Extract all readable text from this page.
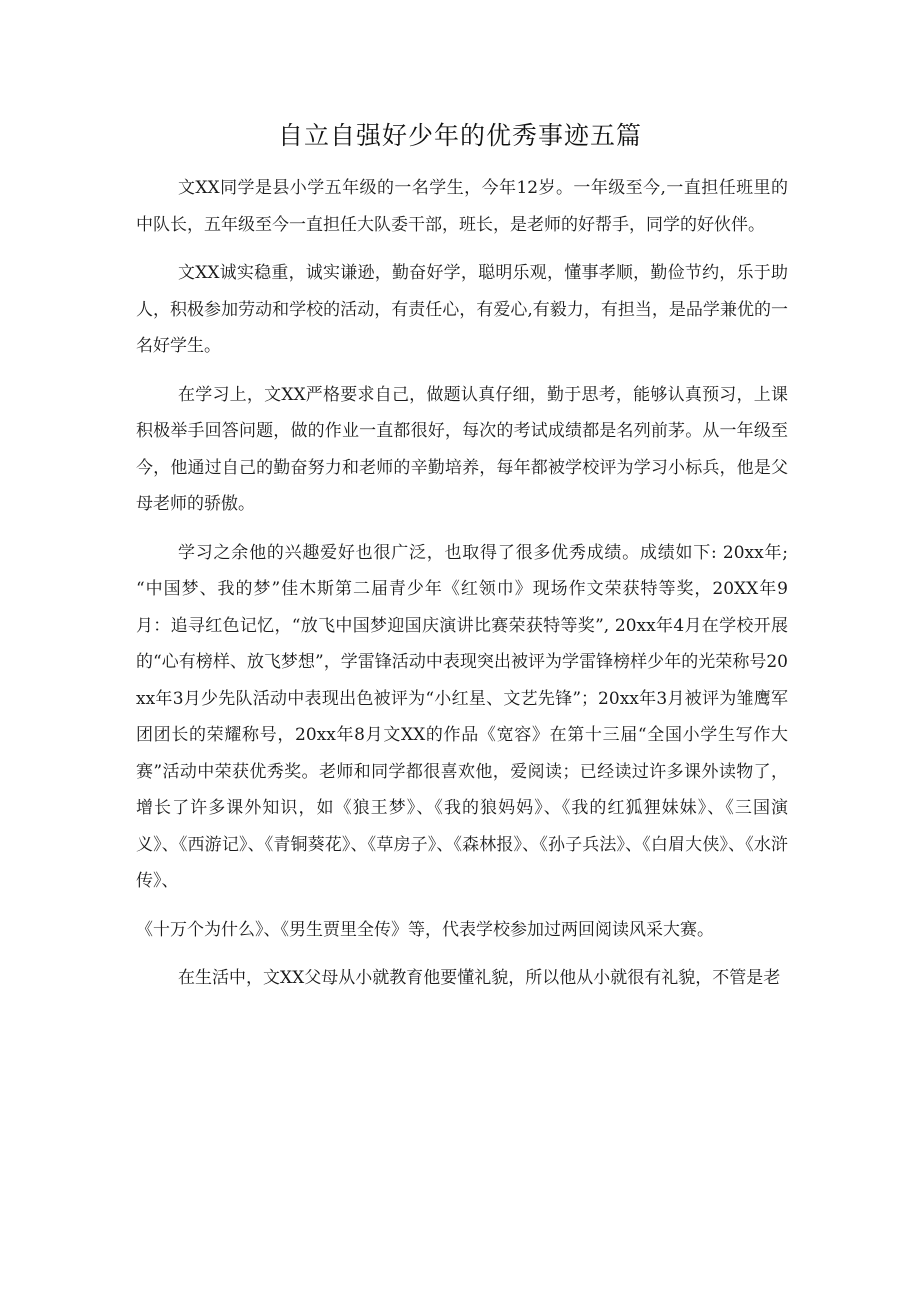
自立自强好少年的优秀事迹五篇

文XX同学是县小学五年级的一名学生，今年12岁。一年级至今,一直担任班里的中队长，五年级至今一直担任大队委干部，班长，是老师的好帮手，同学的好伙伴。

文XX诚实稳重，诚实谦逊，勤奋好学，聪明乐观，懂事孝顺，勤俭节约，乐于助人，积极参加劳动和学校的活动，有责任心，有爱心,有毅力，有担当，是品学兼优的一名好学生。

在学习上，文XX严格要求自己，做题认真仔细，勤于思考，能够认真预习，上课积极举手回答问题，做的作业一直都很好，每次的考试成绩都是名列前茅。从一年级至今，他通过自己的勤奋努力和老师的辛勤培养，每年都被学校评为学习小标兵，他是父母老师的骄傲。

学习之余他的兴趣爱好也很广泛，也取得了很多优秀成绩。成绩如下: 20xx年; “中国梦、我的梦”佳木斯第二届青少年《红领巾》现场作文荣获特等奖，20XX年9月：追寻红色记忆，“放飞中国梦迎国庆演讲比赛荣获特等奖”, 20xx年4月在学校开展的“心有榜样、放飞梦想”，学雷锋活动中表现突出被评为学雷锋榜样少年的光荣称号20xx年3月少先队活动中表现出色被评为“小红星、文艺先锋”；20xx年3月被评为雏鹰军团团长的荣耀称号，20xx年8月文XX的作品《宽容》在第十三届“全国小学生写作大赛”活动中荣获优秀奖。老师和同学都很喜欢他，爱阅读；已经读过许多课外读物了，增长了许多课外知识，如《狼王梦》、《我的狼妈妈》、《我的红狐狸妹妹》、《三国演义》、《西游记》、《青铜葵花》、《草房子》、《森林报》、《孙子兵法》、《白眉大侠》、《水浒传》、

《十万个为什么》、《男生贾里全传》等，代表学校参加过两回阅读风采大赛。

在生活中，文XX父母从小就教育他要懂礼貌，所以他从小就很有礼貌，不管是老
